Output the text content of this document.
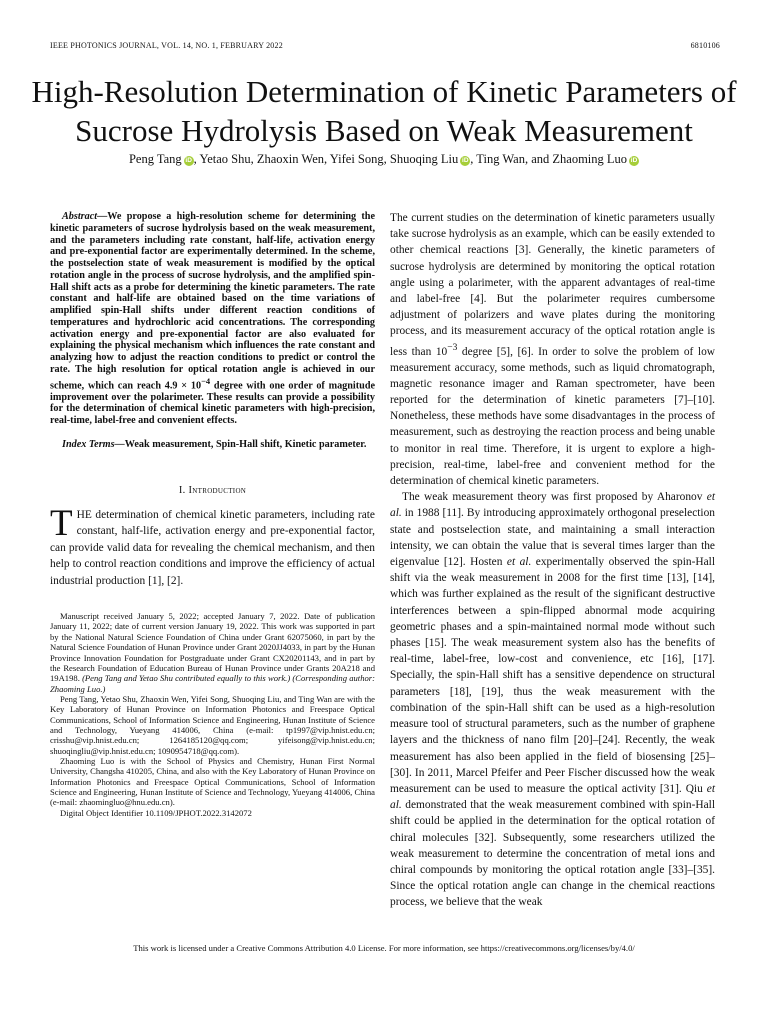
IEEE PHOTONICS JOURNAL, VOL. 14, NO. 1, FEBRUARY 2022	6810106
High-Resolution Determination of Kinetic Parameters of Sucrose Hydrolysis Based on Weak Measurement
Peng Tang iD , Yetao Shu, Zhaoxin Wen, Yifei Song, Shuoqing Liu iD , Ting Wan, and Zhaoming Luo iD

Abstract—We propose a high-resolution scheme for determining the kinetic parameters of sucrose hydrolysis based on the weak measurement, and the parameters including rate constant, half-life, activation energy and pre-exponential factor are experimentally determined. In the scheme, the postselection state of weak measurement is modified by the optical rotation angle in the process of sucrose hydrolysis, and the amplified spin-Hall shift acts as a probe for determining the kinetic parameters. The rate constant and half-life are obtained based on the time variations of amplified spin-Hall shifts under different reaction conditions of temperatures and hydrochloric acid concentrations. The corresponding activation energy and pre-exponential factor are also evaluated for explaining the physical mechanism which influences the rate constant and analyzing how to adjust the reaction conditions to predict or control the rate. The high resolution for optical rotation angle is achieved in our scheme, which can reach $4.9 \times 10^{-4}$ degree with one order of magnitude improvement over the polarimeter. These results can provide a possibility for the determination of chemical kinetic parameters with high-precision, real-time, label-free and convenient effects.

Index Terms—Weak measurement, Spin-Hall shift, Kinetic parameter.

I. Introduction

THE determination of chemical kinetic parameters, including rate constant, half-life, activation energy and pre-exponential factor, can provide valid data for revealing the chemical mechanism, and then help to control reaction conditions and improve the efficiency of actual industrial production [1], [2].

Manuscript received January 5, 2022; accepted January 7, 2022. Date of publication January 11, 2022; date of current version January 19, 2022. This work was supported in part by the National Natural Science Foundation of China under Grant 62075060, in part by the Natural Science Foundation of Hunan Province under Grant 2020JJ4033, in part by the Hunan Province Innovation Foundation for Postgraduate under Grant CX20201143, and in part by the Research Foundation of Education Bureau of Hunan Province under Grants 20A218 and 19A198. (Peng Tang and Yetao Shu contributed equally to this work.) (Corresponding author: Zhaoming Luo.)

Peng Tang, Yetao Shu, Zhaoxin Wen, Yifei Song, Shuoqing Liu, and Ting Wan are with the Key Laboratory of Hunan Province on Information Photonics and Freespace Optical Communications, School of Information Science and Engineering, Hunan Institute of Science and Technology, Yueyang 414006, China (e-mail: tp1997@vip.hnist.edu.cn; crisshu@vip.hnist.edu.cn; 1264185120@qq.com; yifeisong@vip.hnist.edu.cn; shuoqingliu@vip.hnist.edu.cn; 1090954718@qq.com).

Zhaoming Luo is with the School of Physics and Chemistry, Hunan First Normal University, Changsha 410205, China, and also with the Key Laboratory of Hunan Province on Information Photonics and Freespace Optical Communications, School of Information Science and Engineering, Hunan Institute of Science and Technology, Yueyang 414006, China (e-mail: zhaomingluo@hnu.edu.cn).

Digital Object Identifier 10.1109/JPHOT.2022.3142072

The current studies on the determination of kinetic parameters usually take sucrose hydrolysis as an example, which can be easily extended to other chemical reactions [3]. Generally, the kinetic parameters of sucrose hydrolysis are determined by monitoring the optical rotation angle using a polarimeter, with the apparent advantages of real-time and label-free [4]. But the polarimeter requires cumbersome adjustment of polarizers and wave plates during the monitoring process, and its measurement accuracy of the optical rotation angle is less than $10^{-3}$ degree [5], [6]. In order to solve the problem of low measurement accuracy, some methods, such as liquid chromatograph, magnetic resonance imager and Raman spectrometer, have been reported for the determination of kinetic parameters [7]–[10]. Nonetheless, these methods have some disadvantages in the process of measurement, such as destroying the reaction process and being unable to monitor in real time. Therefore, it is urgent to explore a high-precision, real-time, label-free and convenient method for the determination of chemical kinetic parameters.

The weak measurement theory was first proposed by Aharonov et al. in 1988 [11]. By introducing approximately orthogonal preselection state and postselection state, and maintaining a small interaction intensity, we can obtain the value that is several times larger than the eigenvalue [12]. Hosten et al. experimentally observed the spin-Hall shift via the weak measurement in 2008 for the first time [13], [14], which was further explained as the result of the significant destructive interferences between a spin-flipped abnormal mode acquiring geometric phases and a spin-maintained normal mode without such phases [15]. The weak measurement system also has the benefits of real-time, label-free, low-cost and convenience, etc [16], [17]. Specially, the spin-Hall shift has a sensitive dependence on structural parameters [18], [19], thus the weak measurement with the combination of the spin-Hall shift can be used as a high-resolution measure tool of structural parameters, such as the number of graphene layers and the thickness of nano film [20]–[24]. Recently, the weak measurement has also been applied in the field of biosensing [25]–[30]. In 2011, Marcel Pfeifer and Peer Fischer discussed how the weak measurement can be used to measure the optical activity [31]. Qiu et al. demonstrated that the weak measurement combined with spin-Hall shift could be applied in the determination for the optical rotation of chiral molecules [32]. Subsequently, some researchers utilized the weak measurement to determine the concentration of metal ions and chiral compounds by monitoring the optical rotation angle [33]–[35]. Since the optical rotation angle can change in the chemical reactions process, we believe that the weak

This work is licensed under a Creative Commons Attribution 4.0 License. For more information, see https://creativecommons.org/licenses/by/4.0/
